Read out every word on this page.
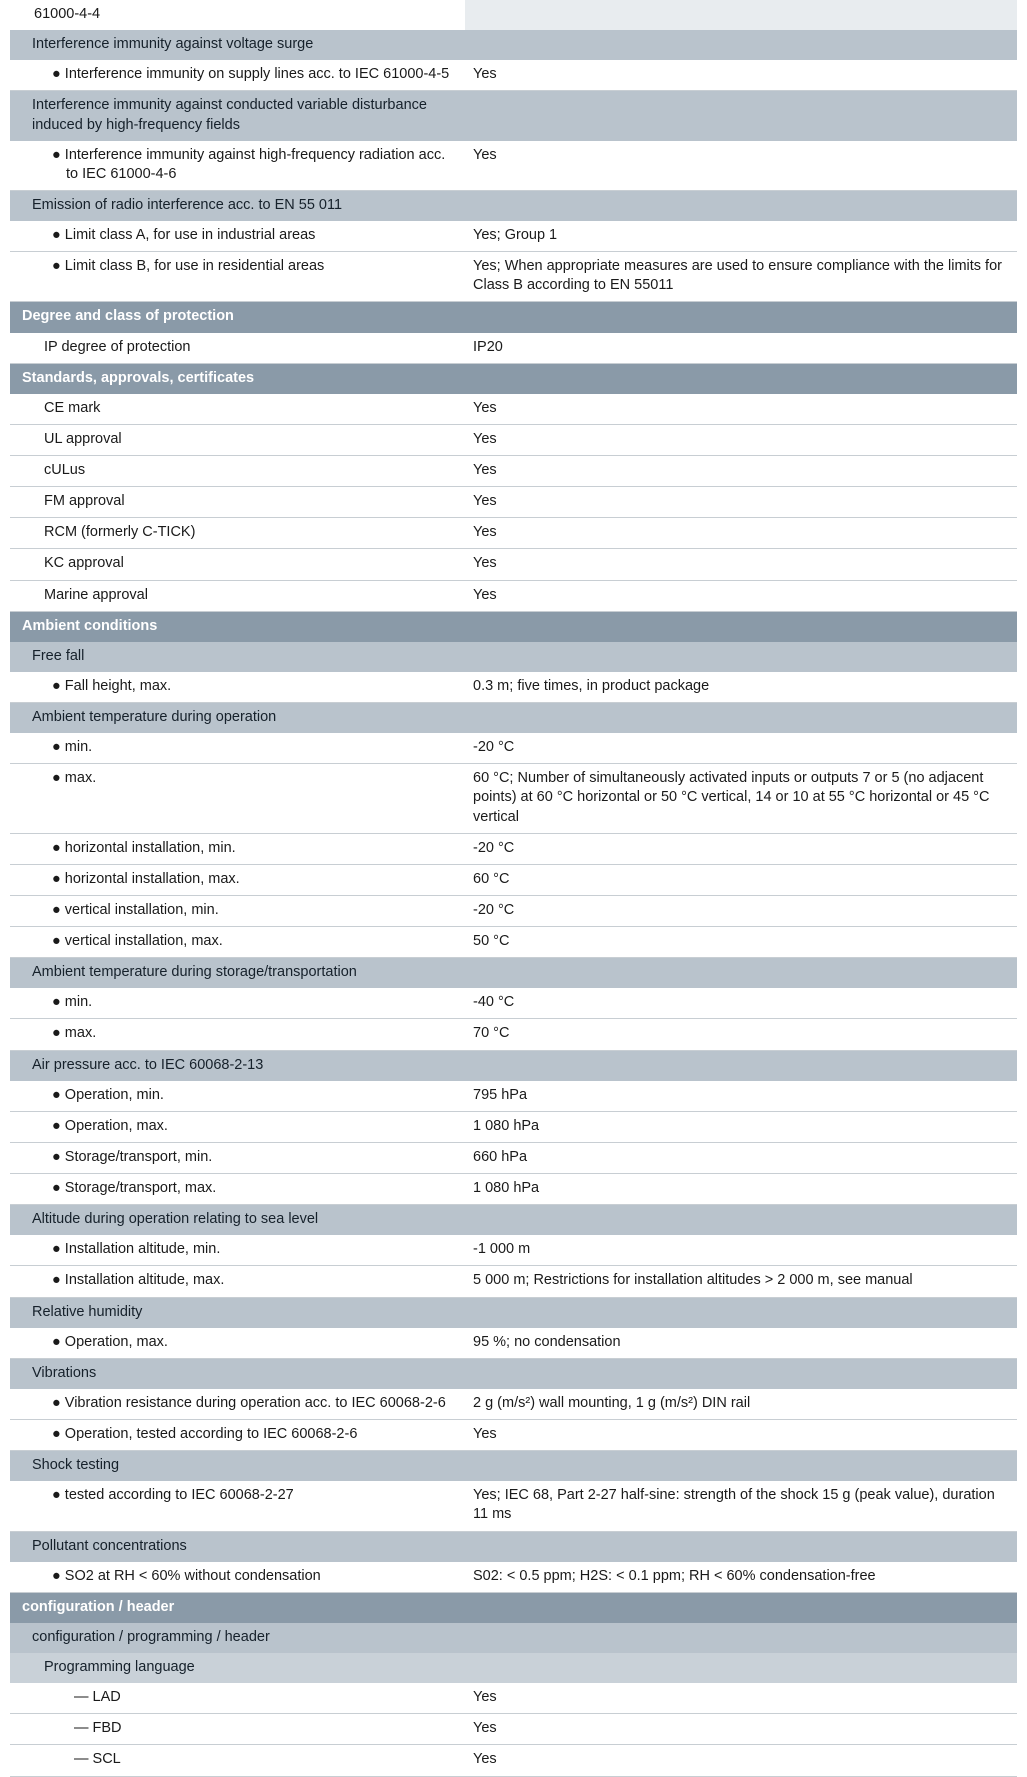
61000-4-4	
Interference immunity against voltage surge	
● Interference immunity on supply lines acc. to IEC 61000-4-5	Yes
Interference immunity against conducted variable disturbance induced by high-frequency fields	
● Interference immunity against high-frequency radiation acc. to IEC 61000-4-6	Yes
Emission of radio interference acc. to EN 55 011	
● Limit class A, for use in industrial areas	Yes; Group 1
● Limit class B, for use in residential areas	Yes; When appropriate measures are used to ensure compliance with the limits for Class B according to EN 55011
Degree and class of protection	
IP degree of protection	IP20
Standards, approvals, certificates	
CE mark	Yes
UL approval	Yes
cULus	Yes
FM approval	Yes
RCM (formerly C-TICK)	Yes
KC approval	Yes
Marine approval	Yes
Ambient conditions	
Free fall	
● Fall height, max.	0.3 m; five times, in product package
Ambient temperature during operation	
● min.	-20 °C
● max.	60 °C; Number of simultaneously activated inputs or outputs 7 or 5 (no adjacent points) at 60 °C horizontal or 50 °C vertical, 14 or 10 at 55 °C horizontal or 45 °C vertical
● horizontal installation, min.	-20 °C
● horizontal installation, max.	60 °C
● vertical installation, min.	-20 °C
● vertical installation, max.	50 °C
Ambient temperature during storage/transportation	
● min.	-40 °C
● max.	70 °C
Air pressure acc. to IEC 60068-2-13	
● Operation, min.	795 hPa
● Operation, max.	1 080 hPa
● Storage/transport, min.	660 hPa
● Storage/transport, max.	1 080 hPa
Altitude during operation relating to sea level	
● Installation altitude, min.	-1 000 m
● Installation altitude, max.	5 000 m; Restrictions for installation altitudes > 2 000 m, see manual
Relative humidity	
● Operation, max.	95 %; no condensation
Vibrations	
● Vibration resistance during operation acc. to IEC 60068-2-6	2 g (m/s²) wall mounting, 1 g (m/s²) DIN rail
● Operation, tested according to IEC 60068-2-6	Yes
Shock testing	
● tested according to IEC 60068-2-27	Yes; IEC 68, Part 2-27 half-sine: strength of the shock 15 g (peak value), duration 11 ms
Pollutant concentrations	
● SO2 at RH < 60% without condensation	S02: < 0.5 ppm; H2S: < 0.1 ppm; RH < 60% condensation-free
configuration / header	
configuration / programming / header	
Programming language	
— LAD	Yes
— FBD	Yes
— SCL	Yes
